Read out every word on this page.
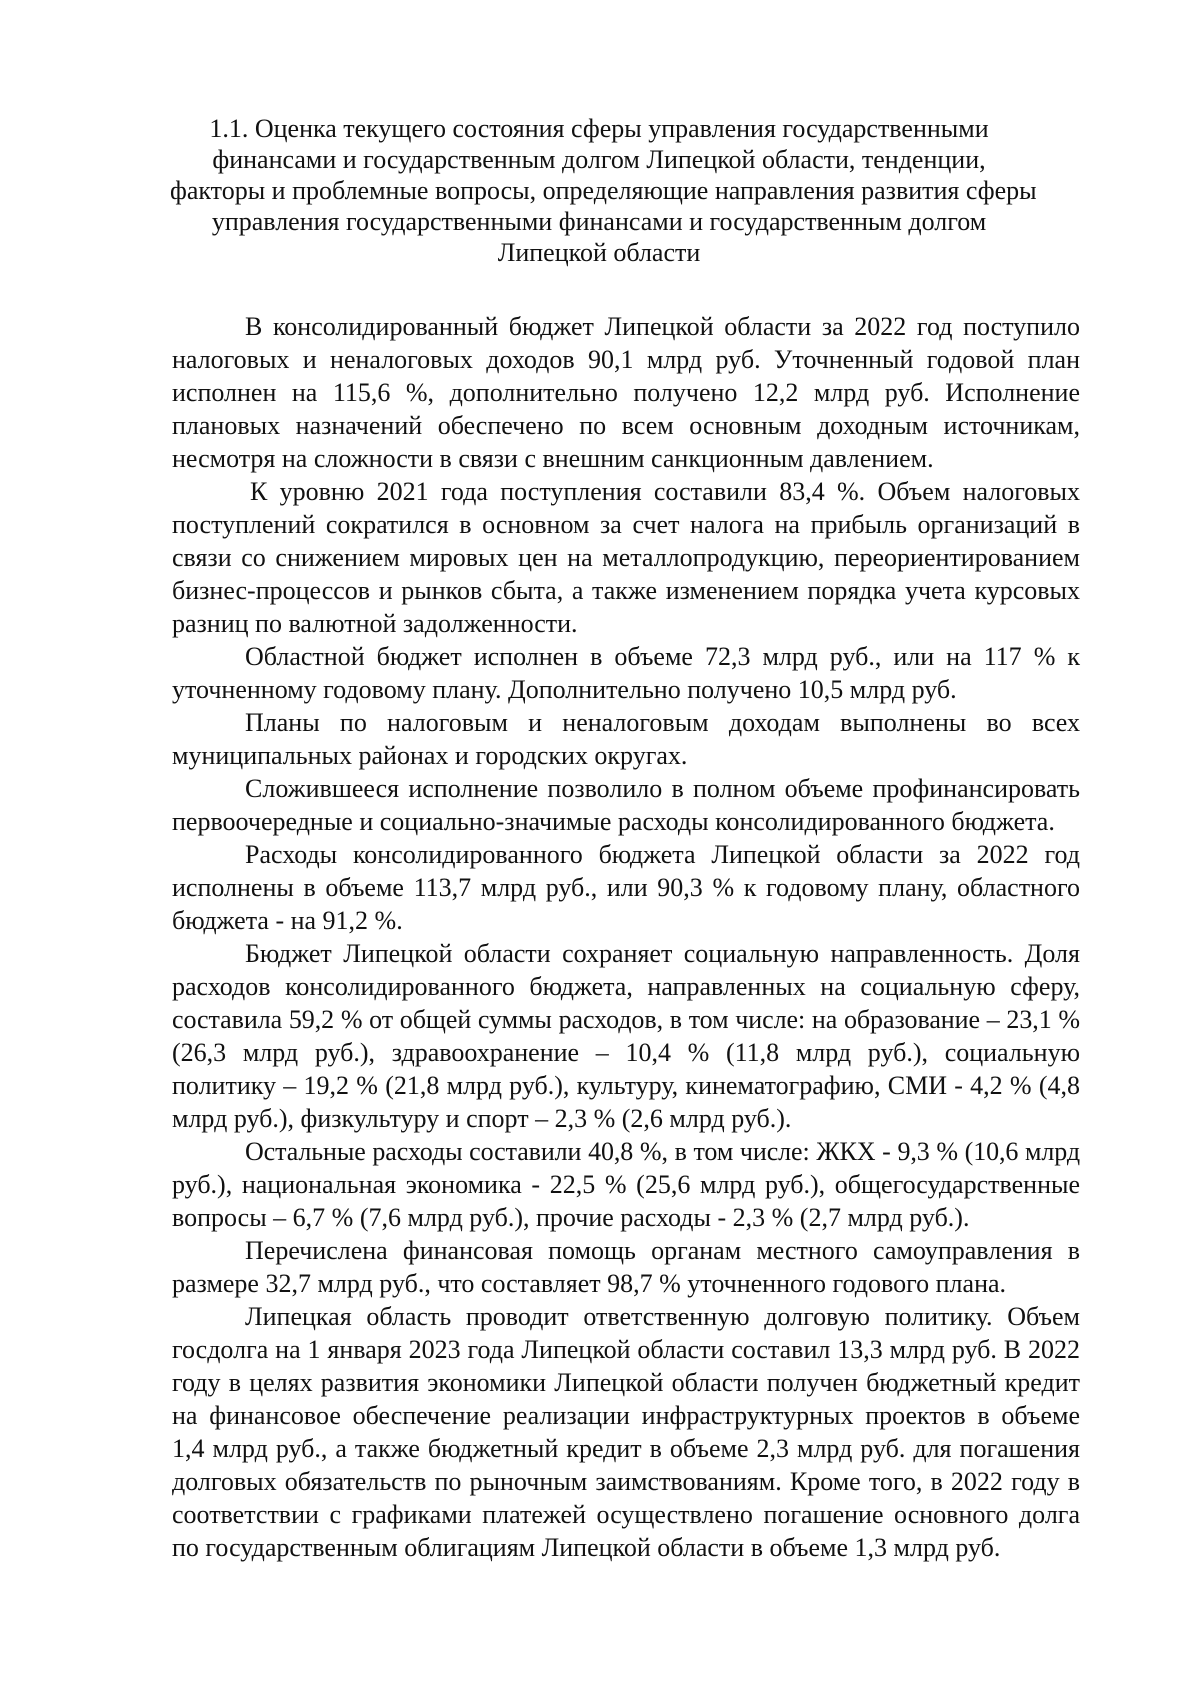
1.1. Оценка текущего состояния сферы управления государственными
финансами и государственным долгом Липецкой области, тенденции,
факторы и проблемные вопросы, определяющие направления развития сферы
управления государственными финансами и государственным долгом
Липецкой области

В консолидированный бюджет Липецкой области за 2022 год поступило
налоговых и неналоговых доходов 90,1 млрд руб. Уточненный годовой план
исполнен на 115,6 %, дополнительно получено 12,2 млрд руб. Исполнение
плановых назначений обеспечено по всем основным доходным источникам,
несмотря на сложности в связи с внешним санкционным давлением.

К уровню 2021 года поступления составили 83,4 %. Объем налоговых
поступлений сократился в основном за счет налога на прибыль организаций в
связи со снижением мировых цен на металлопродукцию, переориентированием
бизнес-процессов и рынков сбыта, а также изменением порядка учета курсовых
разниц по валютной задолженности.

Областной бюджет исполнен в объеме 72,3 млрд руб., или на 117 % к
уточненному годовому плану. Дополнительно получено 10,5 млрд руб.

Планы по налоговым и неналоговым доходам выполнены во всех
муниципальных районах и городских округах.

Сложившееся исполнение позволило в полном объеме профинансировать
первоочередные и социально-значимые расходы консолидированного бюджета.

Расходы консолидированного бюджета Липецкой области за 2022 год
исполнены в объеме 113,7 млрд руб., или 90,3 % к годовому плану, областного
бюджета - на 91,2 %.

Бюджет Липецкой области сохраняет социальную направленность. Доля
расходов консолидированного бюджета, направленных на социальную сферу,
составила 59,2 % от общей суммы расходов, в том числе: на образование – 23,1 %
(26,3 млрд руб.), здравоохранение – 10,4 % (11,8 млрд руб.), социальную
политику – 19,2 % (21,8 млрд руб.), культуру, кинематографию, СМИ - 4,2 % (4,8
млрд руб.), физкультуру и спорт – 2,3 % (2,6 млрд руб.).

Остальные расходы составили 40,8 %, в том числе: ЖКХ - 9,3 % (10,6 млрд
руб.), национальная экономика - 22,5 % (25,6 млрд руб.), общегосударственные
вопросы – 6,7 % (7,6 млрд руб.), прочие расходы - 2,3 % (2,7 млрд руб.).

Перечислена финансовая помощь органам местного самоуправления в
размере 32,7 млрд руб., что составляет 98,7 % уточненного годового плана.

Липецкая область проводит ответственную долговую политику. Объем
госдолга на 1 января 2023 года Липецкой области составил 13,3 млрд руб. В 2022
году в целях развития экономики Липецкой области получен бюджетный кредит
на финансовое обеспечение реализации инфраструктурных проектов в объеме
1,4 млрд руб., а также бюджетный кредит в объеме 2,3 млрд руб. для погашения
долговых обязательств по рыночным заимствованиям. Кроме того, в 2022 году в
соответствии с графиками платежей осуществлено погашение основного долга
по государственным облигациям Липецкой области в объеме 1,3 млрд руб.
